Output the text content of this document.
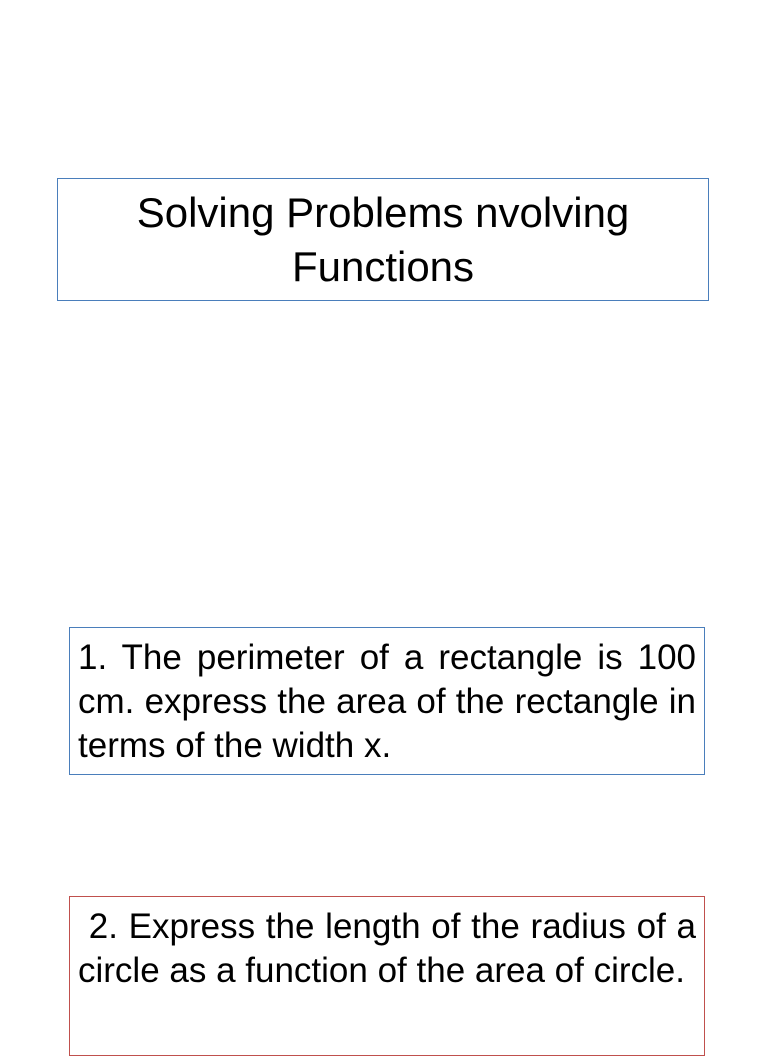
Solving Problems nvolving Functions
1. The perimeter of a rectangle is 100 cm. express the area of the rectangle in terms of the width x.
2. Express the length of the radius of a circle as a function of the area of circle.
